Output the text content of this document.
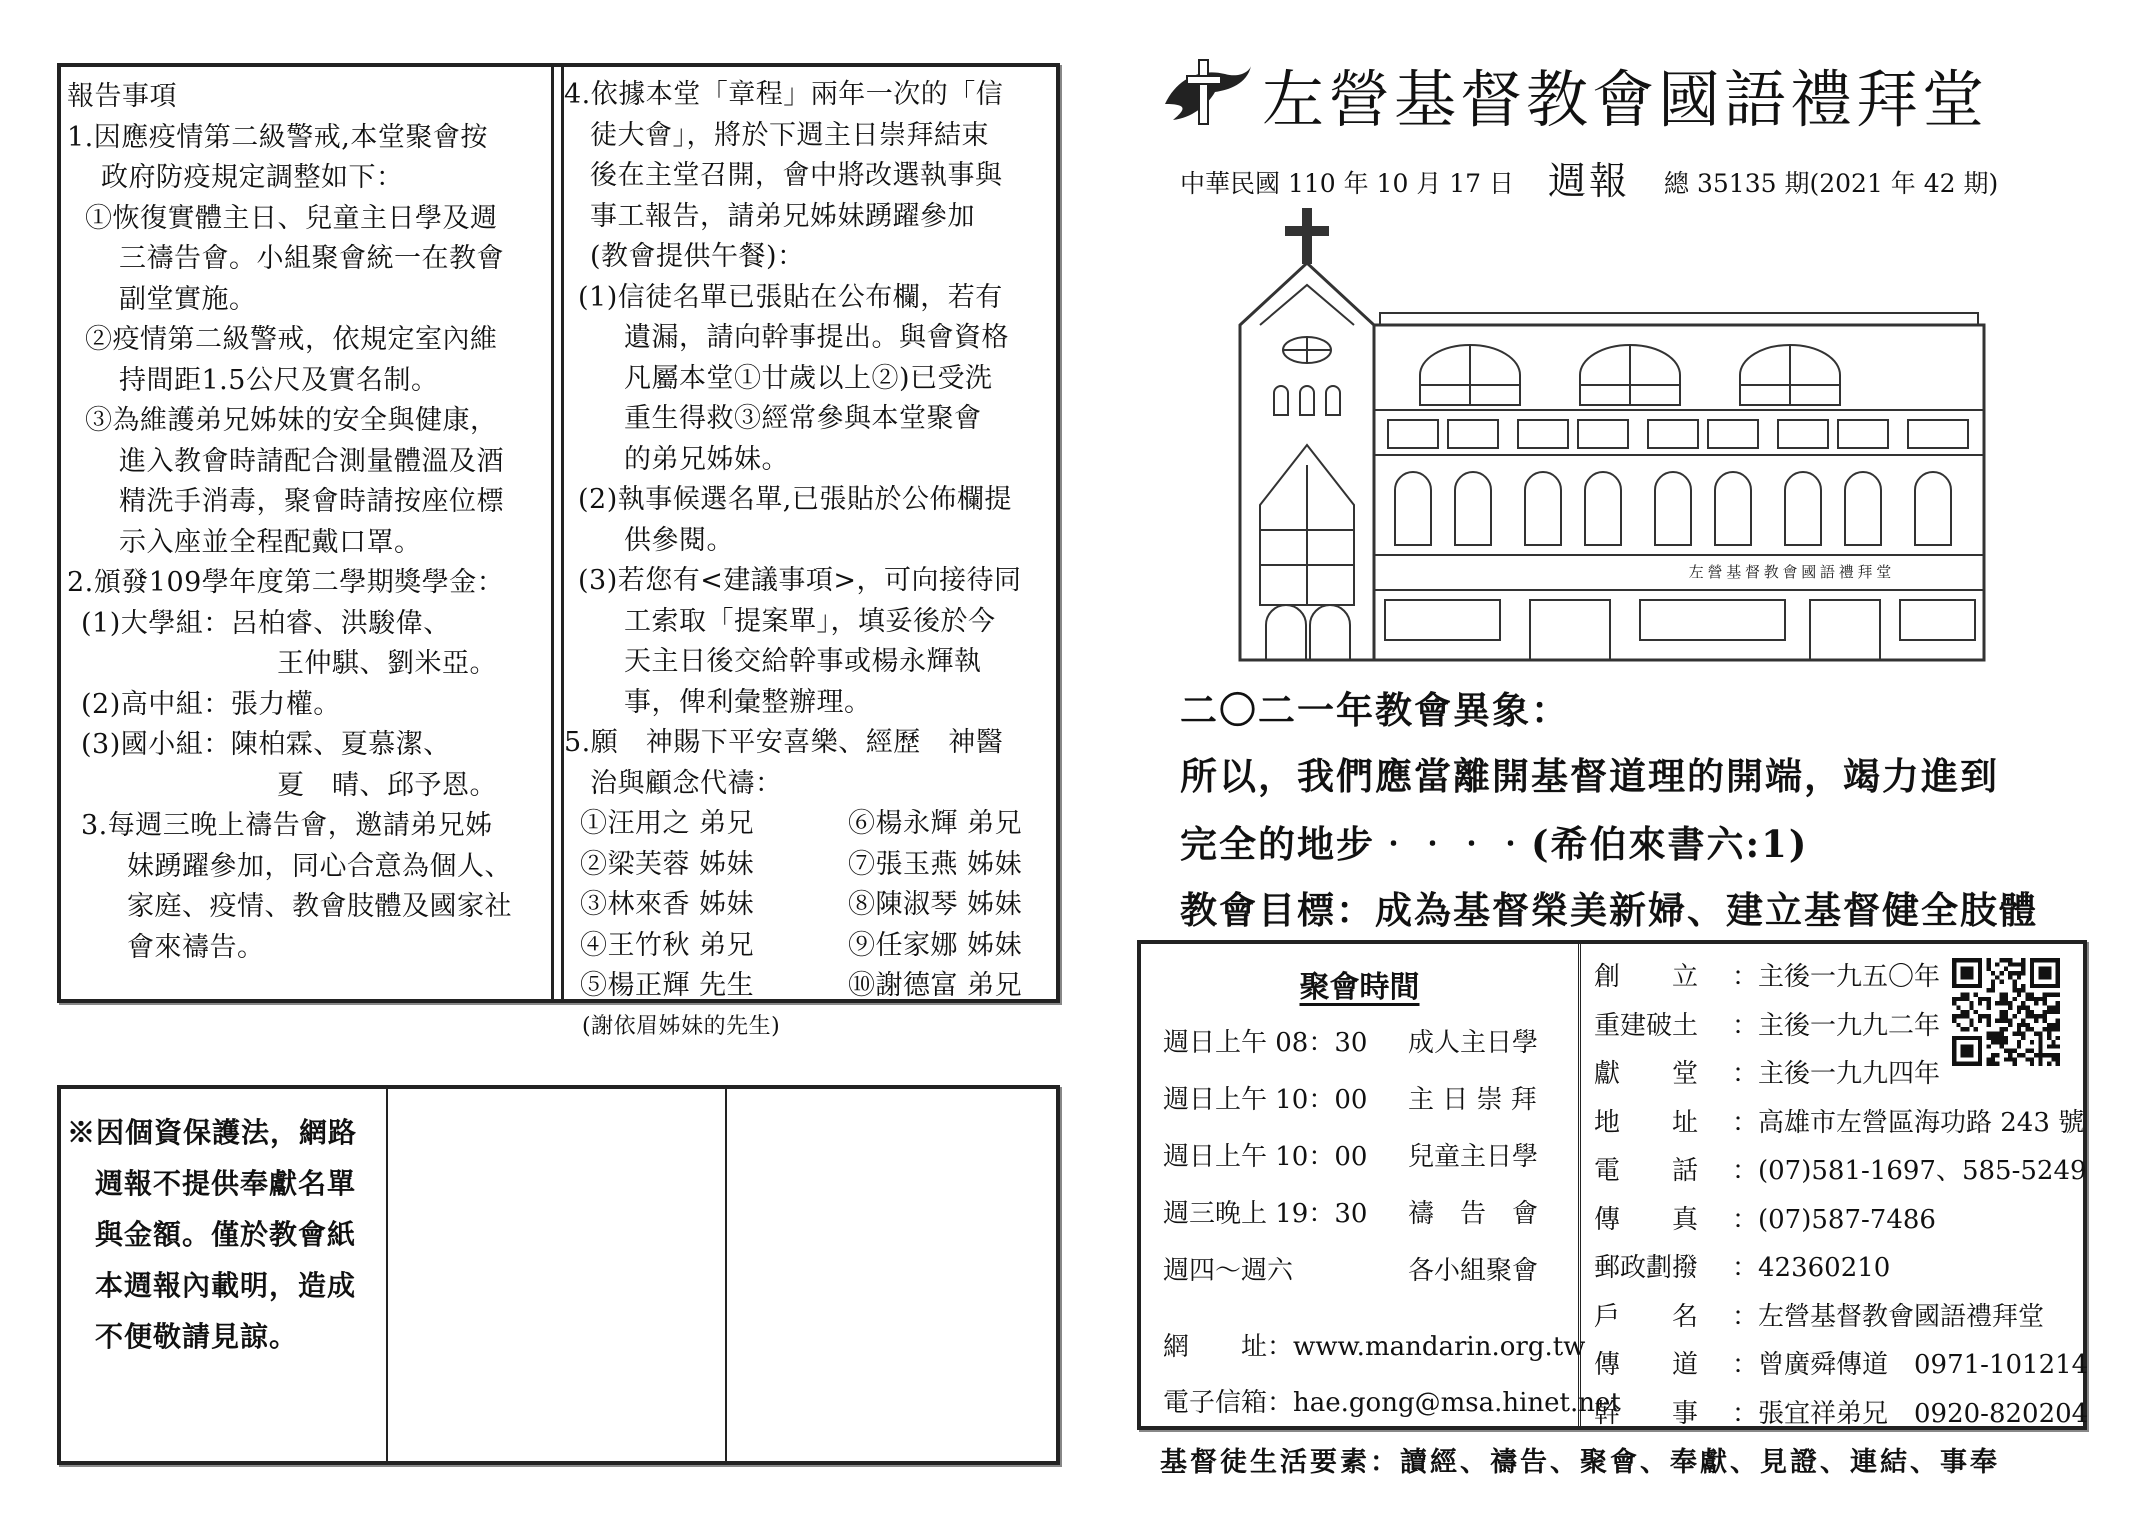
報告事項
1.因應疫情第二級警戒,本堂聚會按
政府防疫規定調整如下：
①恢復實體主日、兒童主日學及週
三禱告會。小組聚會統一在教會
副堂實施。
②疫情第二級警戒，依規定室內維
持間距1.5公尺及實名制。
③為維護弟兄姊妹的安全與健康，
進入教會時請配合測量體溫及酒
精洗手消毒，聚會時請按座位標
示入座並全程配戴口罩。
2.頒發109學年度第二學期獎學金：
(1)大學組：呂柏睿、洪駿偉、
王仲騏、劉米亞。
(2)高中組：張力權。
(3)國小組：陳柏霖、夏慕潔、
夏　晴、邱予恩。
3.每週三晚上禱告會，邀請弟兄姊
妹踴躍參加，同心合意為個人、
家庭、疫情、教會肢體及國家社
會來禱告。
4.依據本堂「章程」兩年一次的「信
徒大會」，將於下週主日崇拜結束
後在主堂召開，會中將改選執事與
事工報告，請弟兄姊妹踴躍參加
(教會提供午餐)：
(1)信徒名單已張貼在公布欄，若有
遺漏，請向幹事提出。與會資格
凡屬本堂①廿歲以上②)已受洗
重生得救③經常參與本堂聚會
的弟兄姊妹。
(2)執事候選名單,已張貼於公佈欄提
供參閱。
(3)若您有<建議事項>，可向接待同
工索取「提案單」，填妥後於今
天主日後交給幹事或楊永輝執
事，俾利彙整辦理。
5.願　神賜下平安喜樂、經歷　神醫
治與顧念代禱：
①汪用之 弟兄	⑥楊永輝 弟兄
②梁芙蓉 姊妹	⑦張玉燕 姊妹
③林來香 姊妹	⑧陳淑琴 姊妹
④王竹秋 弟兄	⑨任家娜 姊妹
⑤楊正輝 先生	⑩謝德富 弟兄
(謝依眉姊妹的先生)
※因個資保護法，網路
週報不提供奉獻名單
與金額。僅於教會紙
本週報內載明，造成
不便敬請見諒。
左營基督教會國語禮拜堂
中華民國 110 年 10 月 17 日 週報 總 35135 期(2021 年 42 期)
左 營 基 督 教 會 國 語 禮 拜 堂
二〇二一年教會異象：
所以，我們應當離開基督道理的開端，竭力進到
完全的地步‧‧‧‧(希伯來書六:1)
教會目標：成為基督榮美新婦、建立基督健全肢體
聚會時間
週日上午 08：30 成人主日學
週日上午 10：00 主 日 崇 拜
週日上午 10：00 兒童主日學
週三晚上 19：30 禱　告　會
週四～週六	各小組聚會
網　　址：www.mandarin.org.tw
電子信箱：hae.gong@msa.hinet.net
創　　立 ：主後一九五〇年
重建破土 ：主後一九九二年
獻　　堂 ：主後一九九四年
地　　址 ：高雄市左營區海功路 243 號
電　　話 ：(07)581-1697、585-5249
傳　　真 ：(07)587-7486
郵政劃撥 ：42360210
戶　　名 ：左營基督教會國語禮拜堂
傳　　道 ：曾廣舜傳道　0971-101214
幹　　事 ：張宜祥弟兄　0920-820204
基督徒生活要素：讀經、禱告、聚會、奉獻、見證、連結、事奉
